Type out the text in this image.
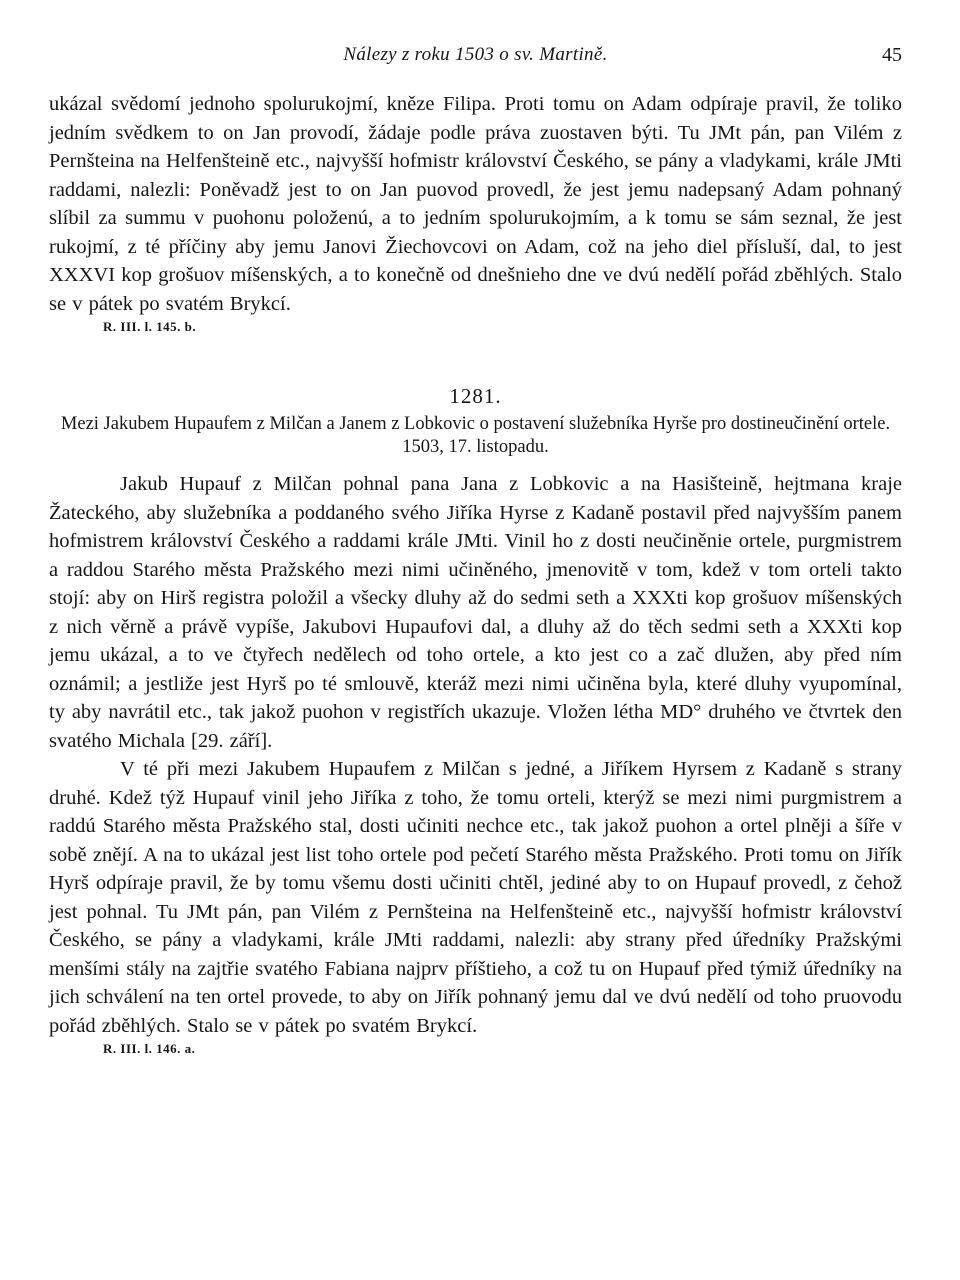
Nálezy z roku 1503 o sv. Martině.	45

ukázal svědomí jednoho spolurukojmí, kněze Filipa. Proti tomu on Adam odpíraje pravil, že toliko jedním svědkem to on Jan provodí, žádaje podle práva zuostaven býti. Tu JMt pán, pan Vilém z Pernšteina na Helfenšteině etc., najvyšší hofmistr království Českého, se pány a vladykami, krále JMti raddami, nalezli: Poněvadž jest to on Jan puovod provedl, že jest jemu nadepsaný Adam pohnaný slíbil za summu v puohonu položenú, a to jedním spolurukojmím, a k tomu se sám seznal, že jest rukojmí, z té příčiny aby jemu Janovi Žiechovcovi on Adam, což na jeho diel přísluší, dal, to jest XXXVI kop grošuov míšenských, a to konečně od dnešnieho dne ve dvú nedělí pořád zběhlých. Stalo se v pátek po svatém Brykcí.

R. III. l. 145. b.
1281.
Mezi Jakubem Hupaufem z Milčan a Janem z Lobkovic o postavení služebníka Hyrše pro dostineučinění ortele. 1503, 17. listopadu.

Jakub Hupauf z Milčan pohnal pana Jana z Lobkovic a na Hasišteině, hejtmana kraje Žateckého, aby služebníka a poddaného svého Jiříka Hyrse z Kadaně postavil před najvyšším panem hofmistrem království Českého a raddami krále JMti. Vinil ho z dosti neučiněnie ortele, purgmistrem a raddou Starého města Pražského mezi nimi učiněného, jmenovitě v tom, kdež v tom orteli takto stojí: aby on Hirš registra položil a všecky dluhy až do sedmi seth a XXXti kop grošuov míšenských z nich věrně a právě vypíše, Jakubovi Hupaufovi dal, a dluhy až do těch sedmi seth a XXXti kop jemu ukázal, a to ve čtyřech nedělech od toho ortele, a kto jest co a zač dlužen, aby před ním oznámil; a jestliže jest Hyrš po té smlouvě, kteráž mezi nimi učiněna byla, které dluhy vyupomínal, ty aby navrátil etc., tak jakož puohon v registřích ukazuje. Vložen létha MD° druhého ve čtvrtek den svatého Michala [29. září].

V té při mezi Jakubem Hupaufem z Milčan s jedné, a Jiříkem Hyrsem z Kadaně s strany druhé. Kdež týž Hupauf vinil jeho Jiříka z toho, že tomu orteli, kterýž se mezi nimi purgmistrem a raddú Starého města Pražského stal, dosti učiniti nechce etc., tak jakož puohon a ortel plněji a šíře v sobě znějí. A na to ukázal jest list toho ortele pod pečetí Starého města Pražského. Proti tomu on Jiřík Hyrš odpíraje pravil, že by tomu všemu dosti učiniti chtěl, jediné aby to on Hupauf provedl, z čehož jest pohnal. Tu JMt pán, pan Vilém z Pernšteina na Helfenšteině etc., najvyšší hofmistr království Českého, se pány a vladykami, krále JMti raddami, nalezli: aby strany před úředníky Pražskými menšími stály na zajtřie svatého Fabiana najprv příštieho, a což tu on Hupauf před týmiž úředníky na jich schválení na ten ortel provede, to aby on Jiřík pohnaný jemu dal ve dvú nedělí od toho pruovodu pořád zběhlých. Stalo se v pátek po svatém Brykcí.

R. III. l. 146. a.
